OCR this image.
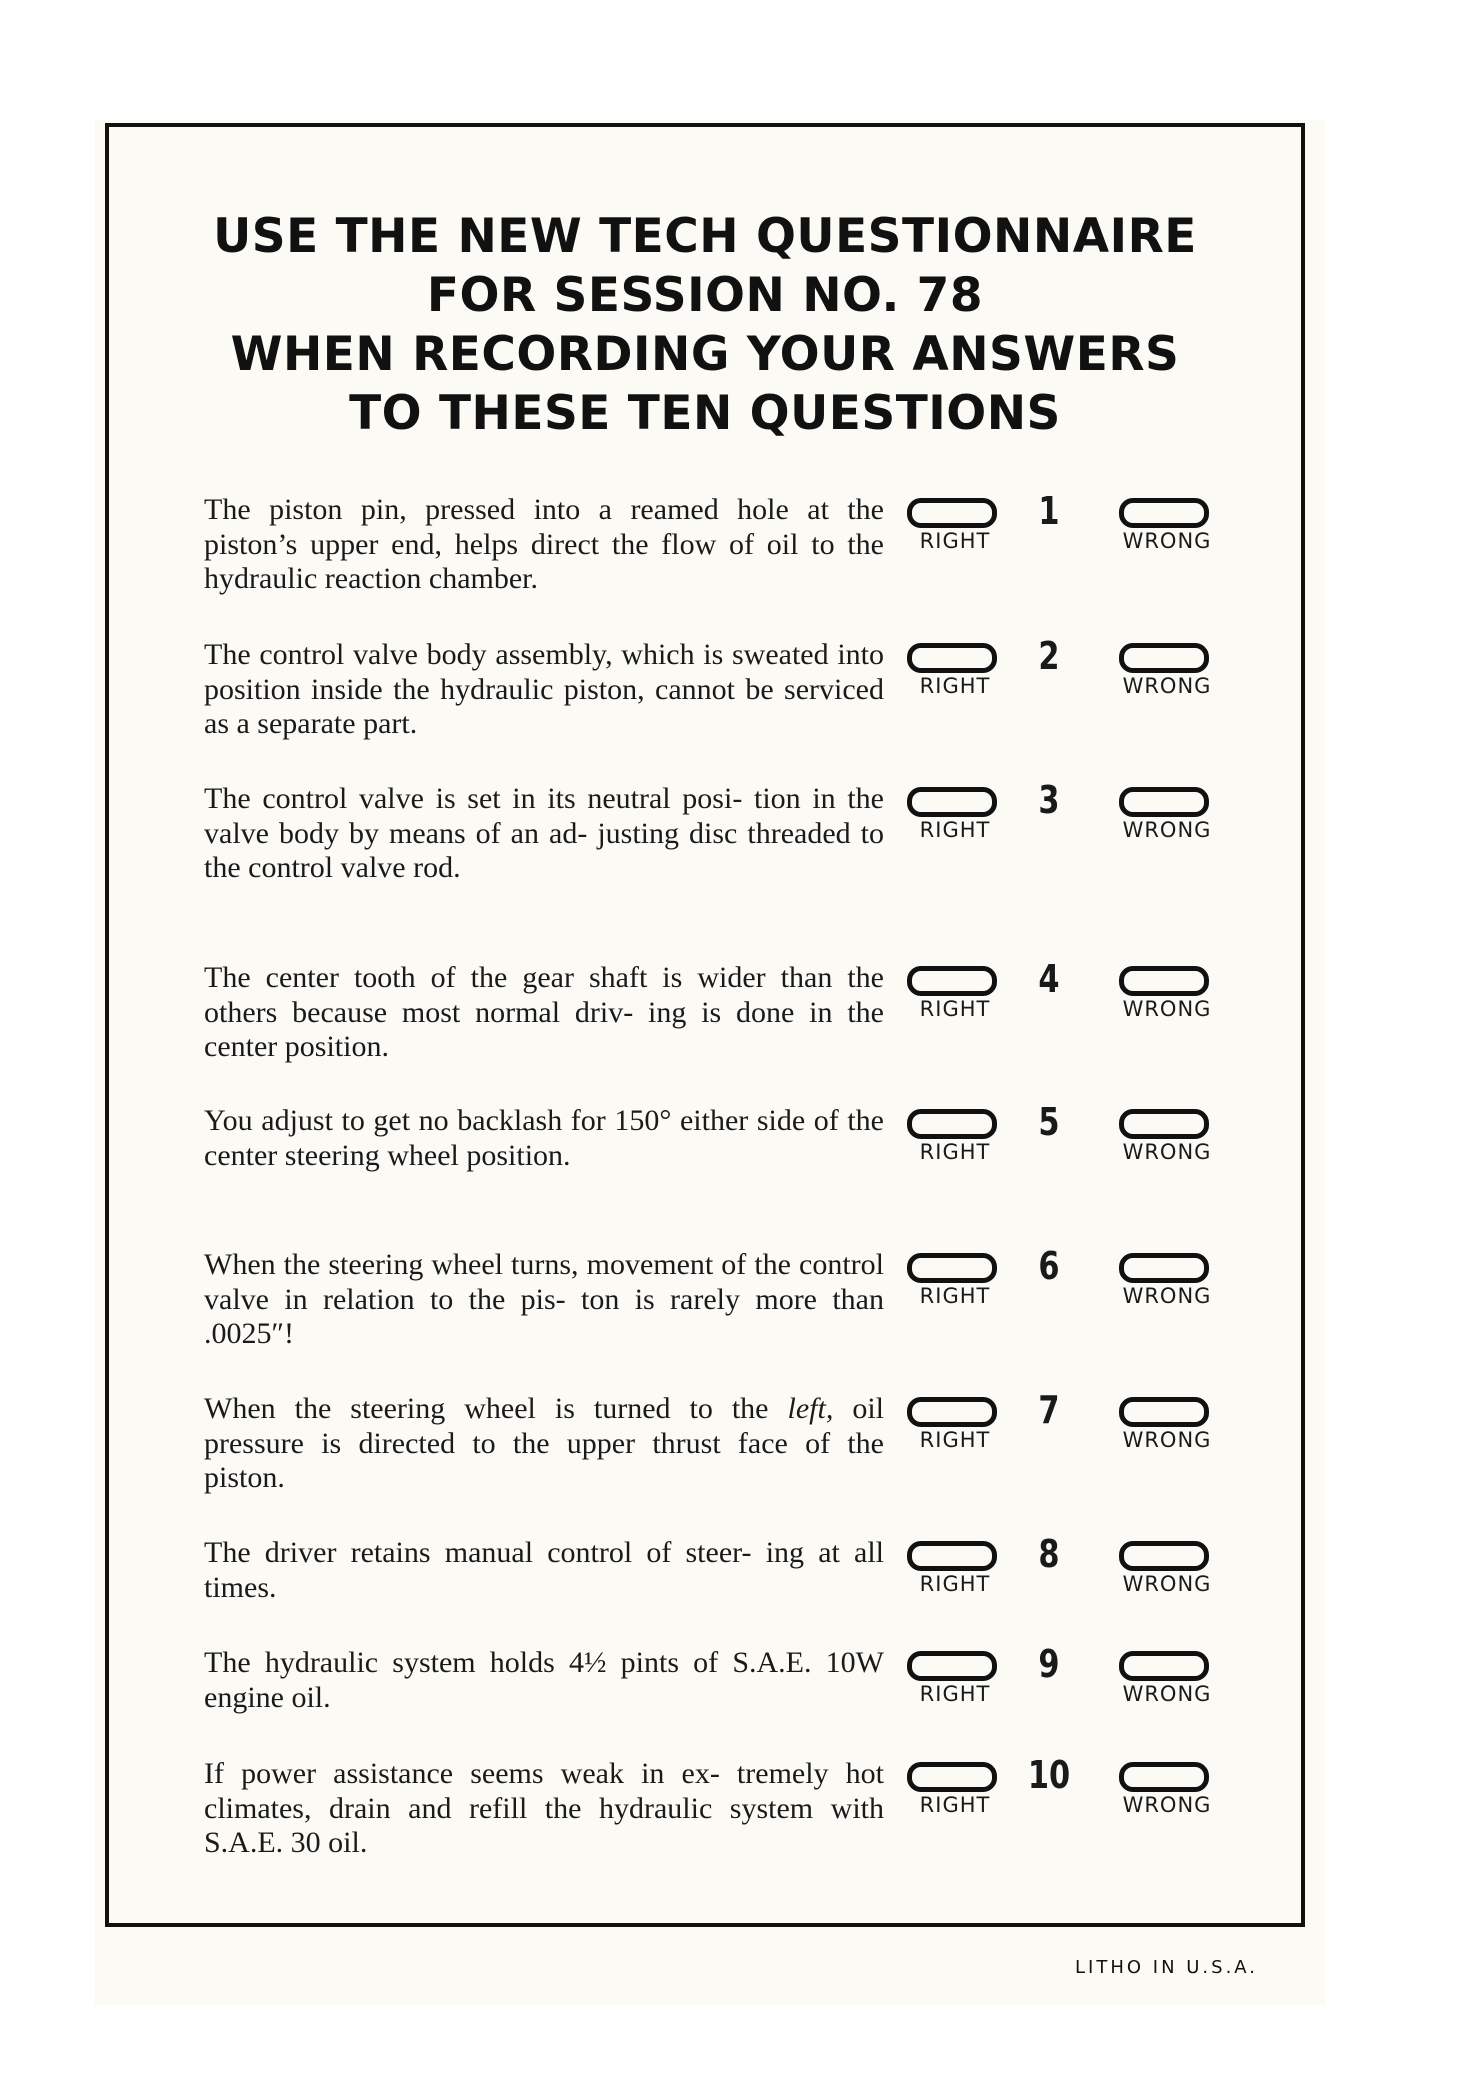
USE THE NEW TECH QUESTIONNAIRE
FOR SESSION NO. 78
WHEN RECORDING YOUR ANSWERS
TO THESE TEN QUESTIONS
The piston pin, pressed into a reamed hole at the piston’s upper end, helps direct the flow of oil to the hydraulic reaction chamber.
1
RIGHT	WRONG
The control valve body assembly, which is sweated into position inside the hydraulic piston, cannot be serviced as a separate part.
2
RIGHT	WRONG
The control valve is set in its neutral posi- tion in the valve body by means of an ad- justing disc threaded to the control valve rod.
3
RIGHT	WRONG
The center tooth of the gear shaft is wider than the others because most normal driv- ing is done in the center position.
4
RIGHT	WRONG
You adjust to get no backlash for 150° either side of the center steering wheel position.
5
RIGHT	WRONG
When the steering wheel turns, movement of the control valve in relation to the pis- ton is rarely more than .0025″!
6
RIGHT	WRONG
When the steering wheel is turned to the left, oil pressure is directed to the upper thrust face of the piston.
7
RIGHT	WRONG
The driver retains manual control of steer- ing at all times.
8
RIGHT	WRONG
The hydraulic system holds 4½ pints of S.A.E. 10W engine oil.
9
RIGHT	WRONG
If power assistance seems weak in ex- tremely hot climates, drain and refill the hydraulic system with S.A.E. 30 oil.
10
RIGHT	WRONG
LITHO IN U.S.A.
